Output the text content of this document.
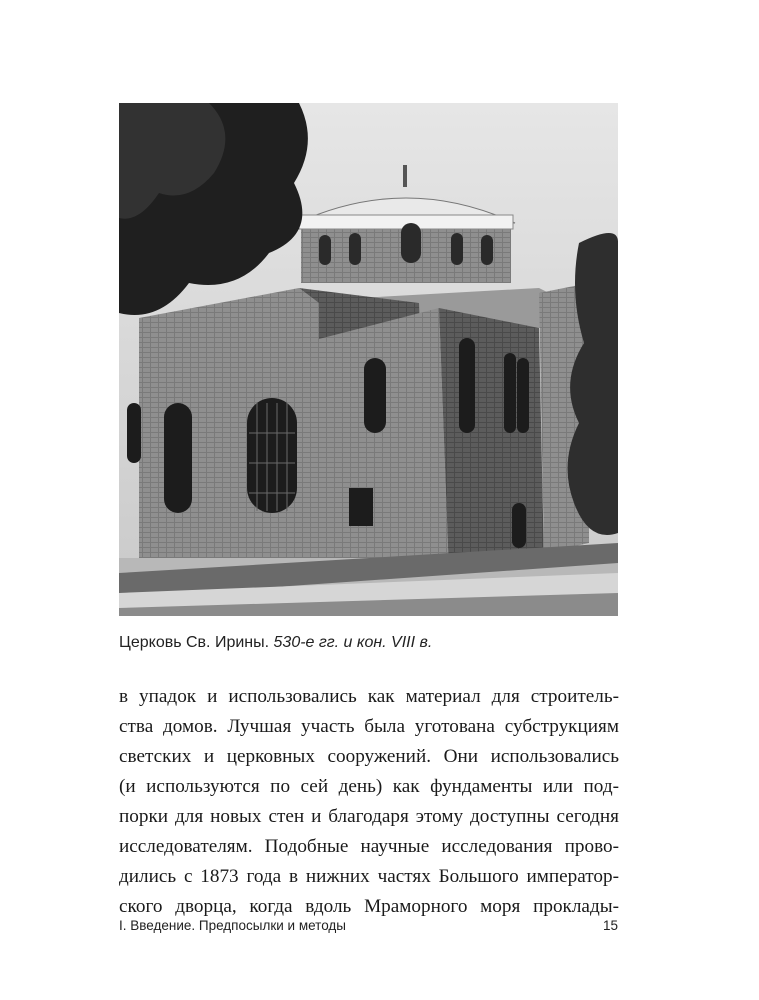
Церковь Св. Ирины. 530-е гг. и кон. VIII в.
в упадок и использовались как материал для строитель-
ства домов. Лучшая участь была уготована субструкциям
светских и церковных сооружений. Они использовались
(и используются по сей день) как фундаменты или под-
порки для новых стен и благодаря этому доступны сегодня
исследователям. Подобные научные исследования прово-
дились с 1873 года в нижних частях Большого император-
ского дворца, когда вдоль Мраморного моря проклады-
I. Введение. Предпосылки и методы	15
